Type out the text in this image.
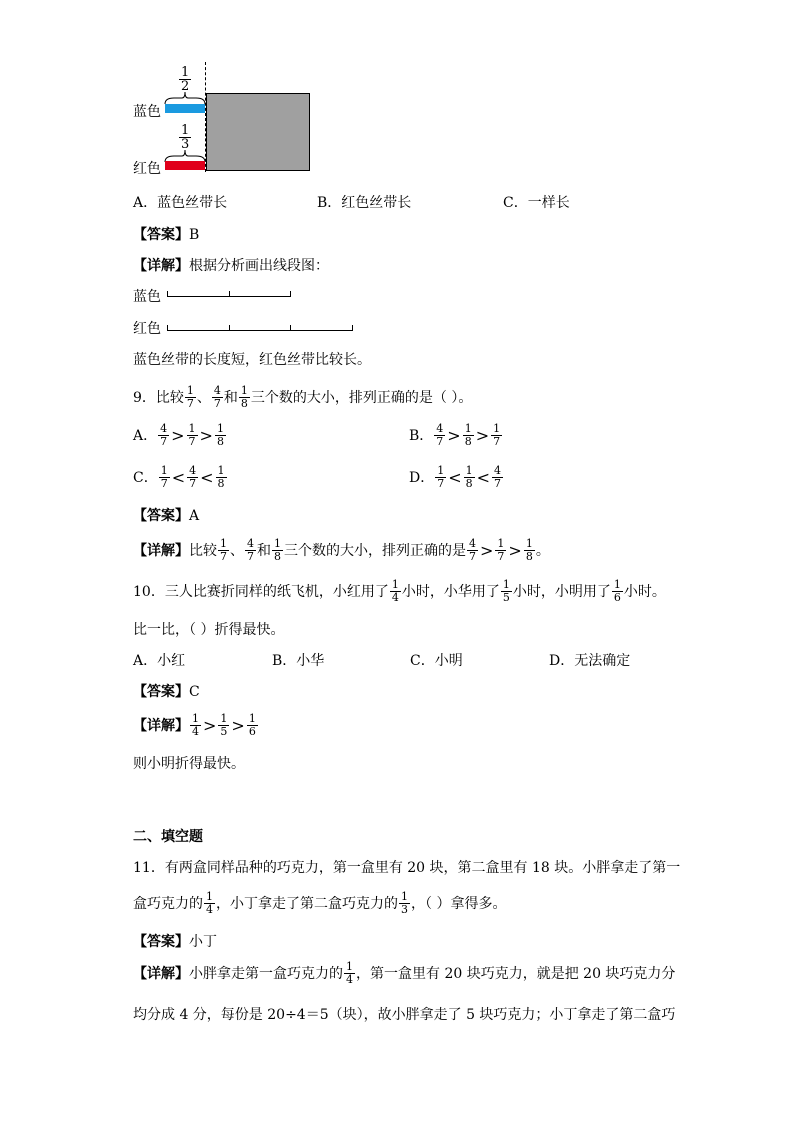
$\frac{1}{2}$
蓝色
$\frac{1}{3}$
红色
A．蓝色丝带长	B．红色丝带长	C．一样长
【答案】B
【详解】根据分析画出线段图：
蓝色
红色
蓝色丝带的长度短，红色丝带比较长。
9．比较 $\frac{1}{7}$ 、 $\frac{4}{7}$ 和 $\frac{1}{8}$ 三个数的大小，排列正确的是（ ）。
A． $\frac{4}{7} > \frac{1}{7} > \frac{1}{8}$	B． $\frac{4}{7} > \frac{1}{8} > \frac{1}{7}$
C． $\frac{1}{7} < \frac{4}{7} < \frac{1}{8}$	D． $\frac{1}{7} < \frac{1}{8} < \frac{4}{7}$
【答案】A
【详解】 比较 $\frac{1}{7}$ 、 $\frac{4}{7}$ 和 $\frac{1}{8}$ 三个数的大小，排列正确的是 $\frac{4}{7} > \frac{1}{7} > \frac{1}{8}$ 。
10．三人比赛折同样的纸飞机，小红用了 $\frac{1}{4}$ 小时，小华用了 $\frac{1}{5}$ 小时，小明用了 $\frac{1}{6}$ 小时。
比一比，（ ）折得最快。
A．小红	B．小华	C．小明	D．无法确定
【答案】C
【详解】 $\frac{1}{4} > \frac{1}{5} > \frac{1}{6}$
则小明折得最快。
二、填空题
11．有两盒同样品种的巧克力，第一盒里有 20 块，第二盒里有 18 块。小胖拿走了第一
盒巧克力的 $\frac{1}{4}$ ，小丁拿走了第二盒巧克力的 $\frac{1}{3}$ ，（ ）拿得多。
【答案】小丁
【详解】 小胖拿走第一盒巧克力的 $\frac{1}{4}$ ，第一盒里有 20 块巧克力，就是把 20 块巧克力分
均分成 4 分，每份是 20÷4＝5（块），故小胖拿走了 5 块巧克力；小丁拿走了第二盒巧
